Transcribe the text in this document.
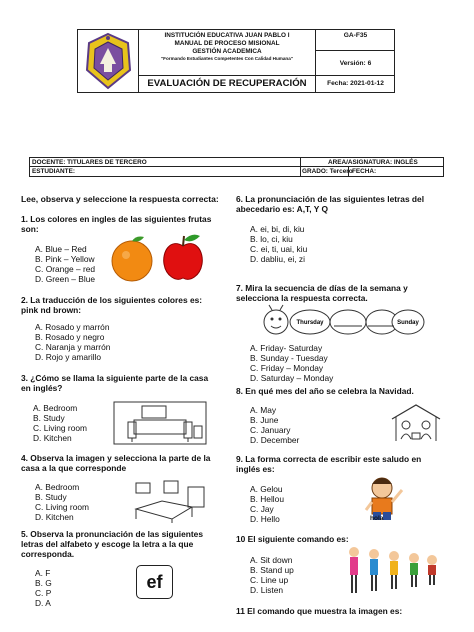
INSTITUCIÓN EDUCATIVA JUAN PABLO I
MANUAL DE PROCESO MISIONAL
GESTIÓN ACADEMICA
"Formando Estudiantes Competentes Con Calidad Humana"
EVALUACIÓN DE RECUPERACIÓN
GA-F35
Versión: 6
Fecha: 2021-01-12
DOCENTE: TITULARES DE TERCERO	AREA/ASIGNATURA: INGLÉS
ESTUDIANTE:	GRADO: Tercero FECHA:
Lee, observa y seleccione la respuesta correcta:
1. Los colores en ingles de las siguientes frutas son:
A. Blue – Red
B. Pink – Yellow
C. Orange – red
D. Green – Blue
2. La traducción de los siguientes colores es: pink nd brown:
A. Rosado y marrón
B. Rosado y negro
C. Naranja y marrón
D. Rojo y amarillo
3. ¿Cómo se llama la siguiente parte de la casa en inglés?
A. Bedroom
B. Study
C. Living room
D. Kitchen
4. Observa la imagen y selecciona la parte de la casa a la que corresponde
A. Bedroom
B. Study
C. Living room
D. Kitchen
5. Observa la pronunciación de las siguientes letras del alfabeto y escoge la letra a la que corresponda.
A. F
B. G
C. P
D. A
ef
6. La pronunciación de las siguientes letras del abecedario es: A,T, Y Q
A. ei, bi, di, kiu
B. lo, ci, kiu
C. ei, ti, uai, kiu
D. dabliu, ei, zi
7. Mira la secuencia de días de la semana y selecciona la respuesta correcta.
Thursday	Sunday
A. Friday- Saturday
B. Sunday - Tuesday
C. Friday – Monday
D. Saturday – Monday
8. En qué mes del año se celebra la Navidad.
A. May
B. June
C. January
D. December
9. La forma correcta de escribir este saludo en inglés es:
A. Gelou
B. Hellou
C. Jay
D. Hello	hola
10 El siguiente comando es:
A. Sit down
B. Stand up
C. Line up
D. Listen
11 El comando que muestra la imagen es:
